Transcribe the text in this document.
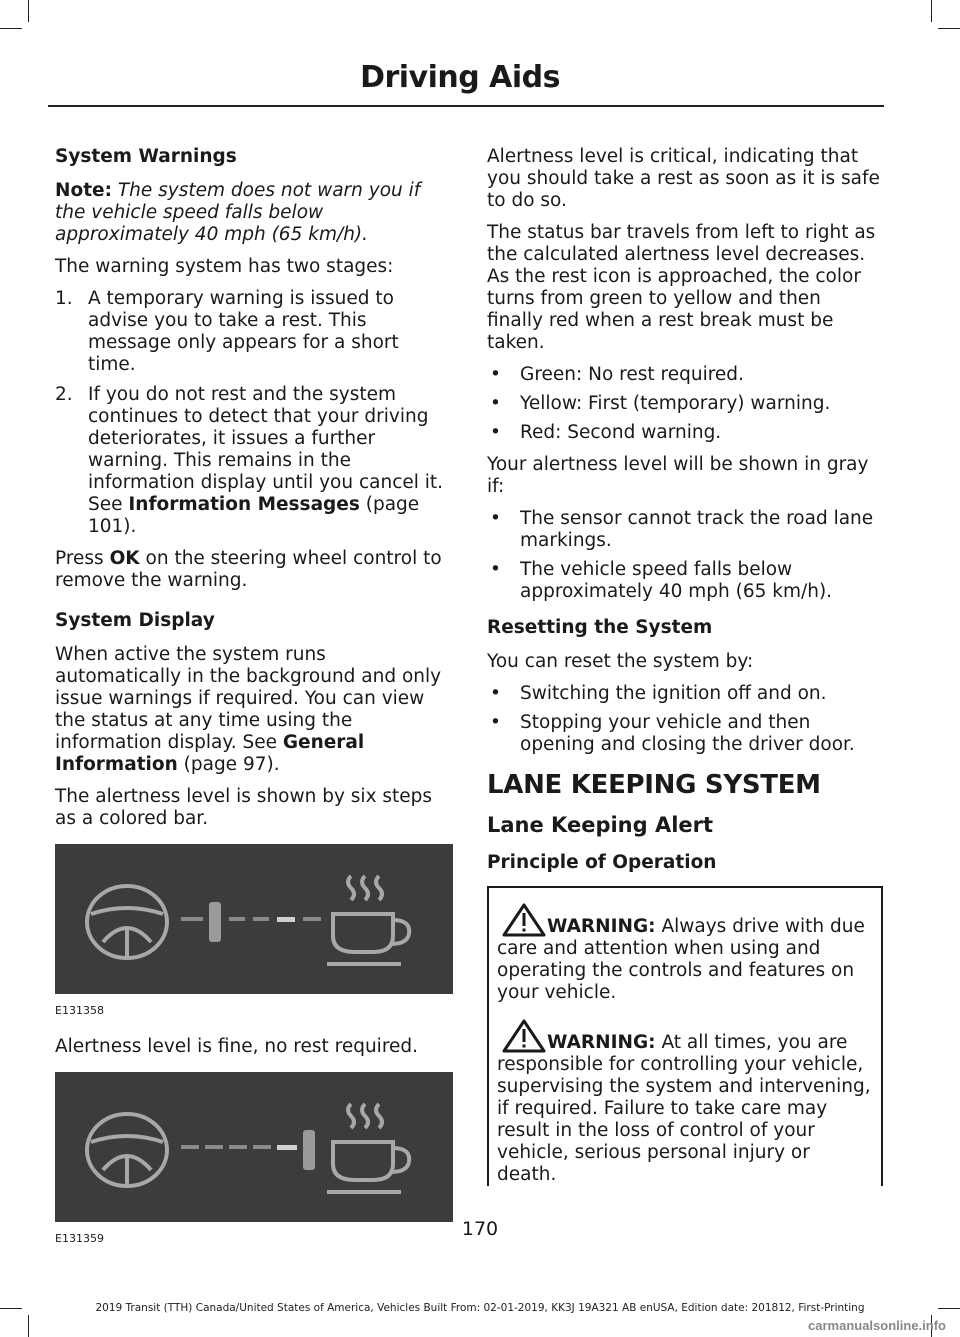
Driving Aids
System Warnings

Note: The system does not warn you if the vehicle speed falls below approximately 40 mph (65 km/h).

The warning system has two stages:

1. A temporary warning is issued to advise you to take a rest. This message only appears for a short time.
2. If you do not rest and the system continues to detect that your driving deteriorates, it issues a further warning. This remains in the information display until you cancel it. See Information Messages (page 101).

Press OK on the steering wheel control to remove the warning.

System Display

When active the system runs automatically in the background and only issue warnings if required. You can view the status at any time using the information display. See General Information (page 97).

The alertness level is shown by six steps as a colored bar.

E131358

Alertness level is fine, no rest required.

E131359

Alertness level is critical, indicating that you should take a rest as soon as it is safe to do so.

The status bar travels from left to right as the calculated alertness level decreases. As the rest icon is approached, the color turns from green to yellow and then finally red when a rest break must be taken.

• Green: No rest required.
• Yellow: First (temporary) warning.
• Red: Second warning.

Your alertness level will be shown in gray if:

• The sensor cannot track the road lane markings.
• The vehicle speed falls below approximately 40 mph (65 km/h).
Resetting the System

You can reset the system by:

• Switching the ignition off and on.
• Stopping your vehicle and then opening and closing the driver door.
LANE KEEPING SYSTEM
Lane Keeping Alert
Principle of Operation
WARNING: Always drive with due care and attention when using and operating the controls and features on your vehicle.
WARNING: At all times, you are responsible for controlling your vehicle, supervising the system and intervening, if required. Failure to take care may result in the loss of control of your vehicle, serious personal injury or death.
170
2019 Transit (TTH) Canada/United States of America, Vehicles Built From: 02-01-2019, KK3J 19A321 AB enUSA, Edition date: 201812, First-Printing
carmanualsonline.info
